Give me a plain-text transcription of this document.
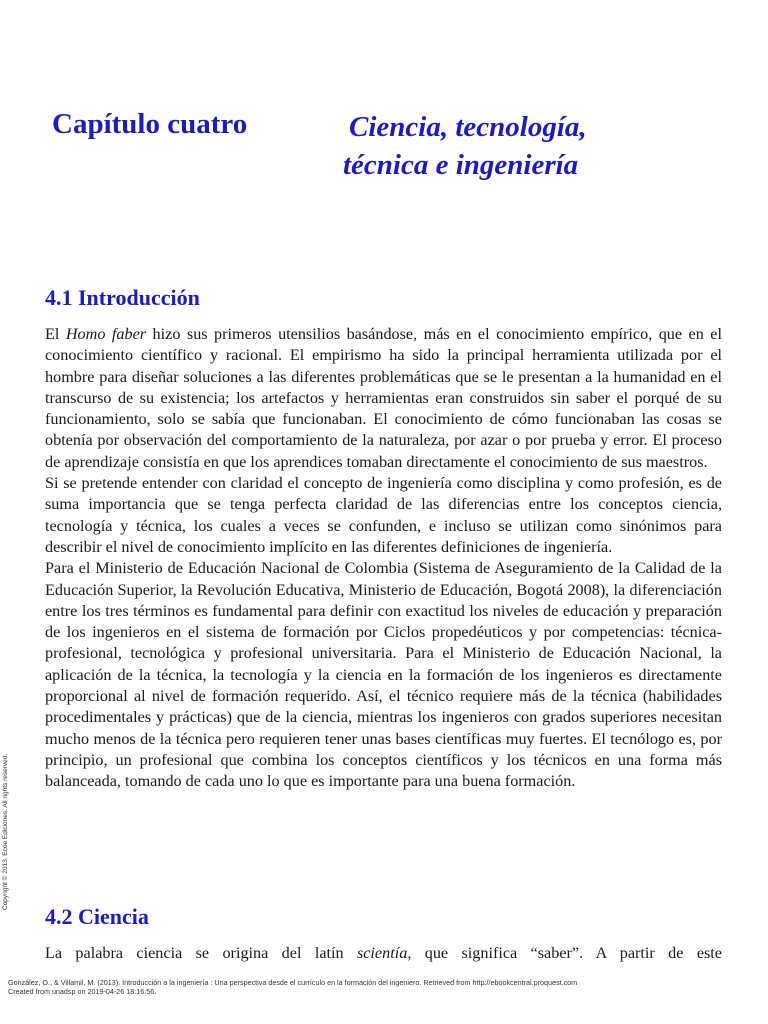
Capítulo cuatro	Ciencia, tecnología,
técnica e ingeniería
4.1 Introducción

El Homo faber hizo sus primeros utensilios basándose, más en el conocimiento empírico, que en el conocimiento científico y racional. El empirismo ha sido la principal herramienta utilizada por el hombre para diseñar soluciones a las diferentes problemáticas que se le presentan a la humanidad en el transcurso de su existencia; los artefactos y herramientas eran construidos sin saber el porqué de su funcionamiento, solo se sabía que funcionaban. El conocimiento de cómo funcionaban las cosas se obtenía por observación del comportamiento de la naturaleza, por azar o por prueba y error. El proceso de aprendizaje consistía en que los aprendices tomaban directamente el conocimiento de sus maestros.

Si se pretende entender con claridad el concepto de ingeniería como disciplina y como profesión, es de suma importancia que se tenga perfecta claridad de las diferencias entre los conceptos ciencia, tecnología y técnica, los cuales a veces se confunden, e incluso se utilizan como sinónimos para describir el nivel de conocimiento implícito en las diferentes definiciones de ingeniería.

Para el Ministerio de Educación Nacional de Colombia (Sistema de Aseguramiento de la Calidad de la Educación Superior, la Revolución Educativa, Ministerio de Educación, Bogotá 2008), la diferenciación entre los tres términos es fundamental para definir con exactitud los niveles de educación y preparación de los ingenieros en el sistema de formación por Ciclos propedéuticos y por competencias: técnica-profesional, tecnológica y profesional universitaria. Para el Ministerio de Educación Nacional, la aplicación de la técnica, la tecnología y la ciencia en la formación de los ingenieros es directamente proporcional al nivel de formación requerido. Así, el técnico requiere más de la técnica (habilidades procedimentales y prácticas) que de la ciencia, mientras los ingenieros con grados superiores necesitan mucho menos de la técnica pero requieren tener unas bases científicas muy fuertes. El tecnólogo es, por principio, un profesional que combina los conceptos científicos y los técnicos en una forma más balanceada, tomando de cada uno lo que es importante para una buena formación.

4.2 Ciencia

La palabra ciencia se origina del latín scientía, que significa “saber”. A partir de este

Copyright © 2013. Ecoe Ediciones. All rights reserved.
González, O., & Villamil, M. (2013). Introducción a la ingeniería : Una perspectiva desde el currículo en la formación del ingeniero. Retrieved from http://ebookcentral.proquest.com
Created from unadsp on 2019-04-26 18:16:56.
